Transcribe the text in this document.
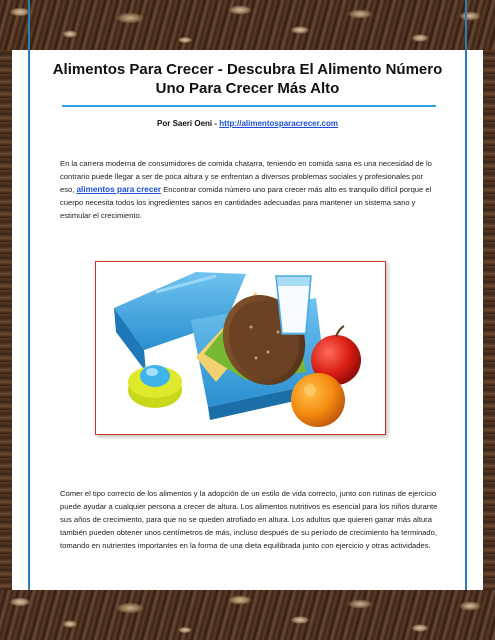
Alimentos Para Crecer - Descubra El Alimento Número Uno Para Crecer Más Alto
Por Saeri Oeni - http://alimentosparacrecer.com
En la carrera moderna de consumidores de comida chatarra, teniendo en comida sana es una necesidad de lo contrario puede llegar a ser de poca altura y se enfrentan a diversos problemas sociales y profesionales por eso, alimentos para crecer Encontrar comida número uno para crecer más alto es tranquilo difícil porque el cuerpo necesita todos los ingredientes sanos en cantidades adecuadas para mantener un sistema sano y estimular el crecimiento.
Comer el tipo correcto de los alimentos y la adopción de un estilo de vida correcto, junto con rutinas de ejercicio puede ayudar a cualquier persona a crecer de altura. Los alimentos nutritivos es esencial para los niños durante sus años de crecimiento, para que no se queden atrofiado en altura. Los adultos que quieren ganar más altura también pueden obtener unos centímetros de más, incluso después de su período de crecimiento ha terminado, tomando en nutrientes importantes en la forma de una dieta equilibrada junto con ejercicio y otras actividades.
